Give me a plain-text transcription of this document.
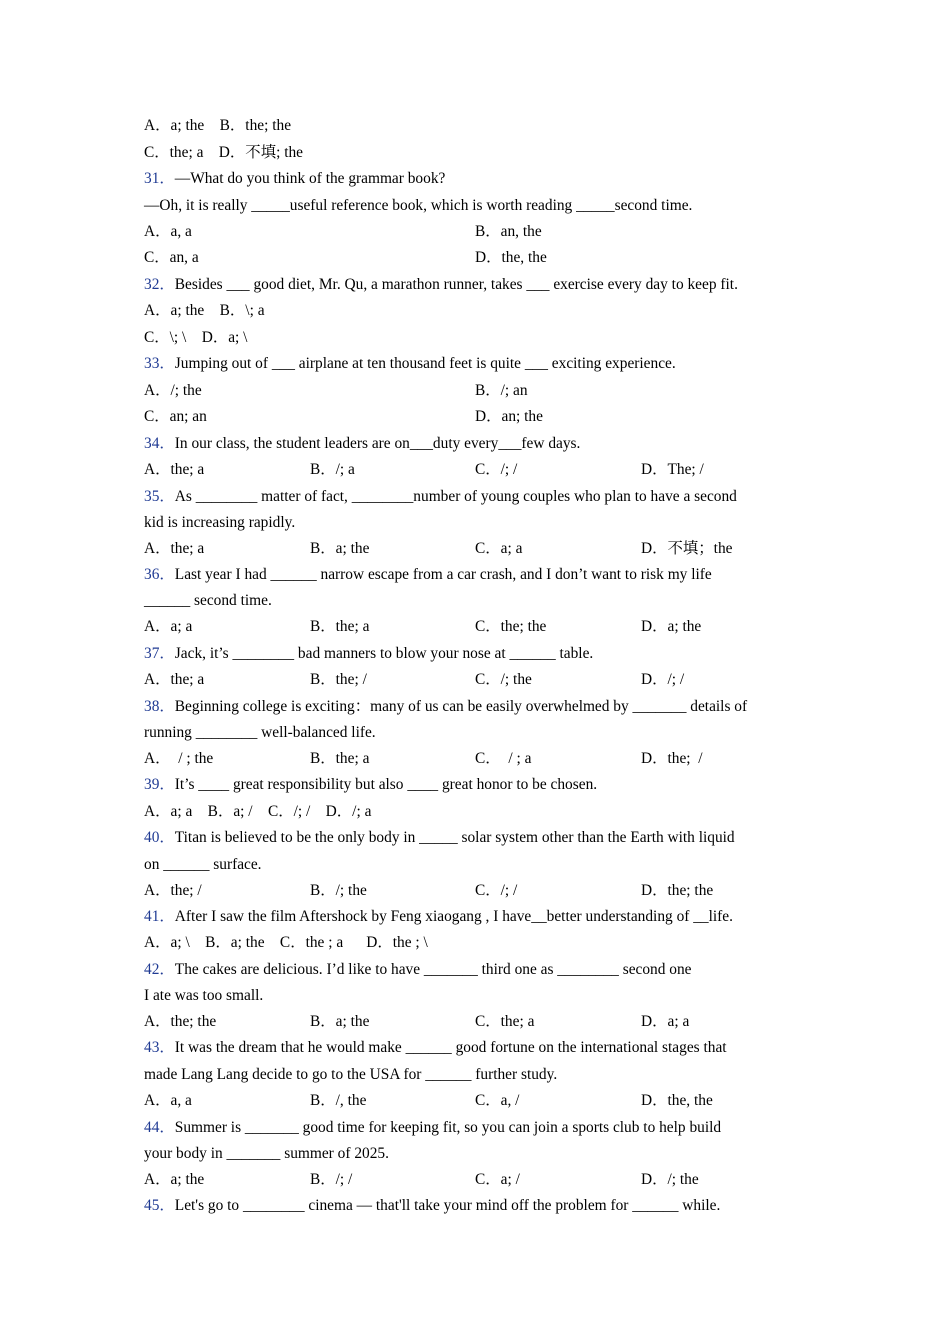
A．a; the    B．the; the
C．the; a    D．不填; the
31．—What do you think of the grammar book?
—Oh, it is really _____useful reference book, which is worth reading _____second time.
A．a, a	B．an, the
C．an, a	D．the, the
32．Besides ___ good diet, Mr. Qu, a marathon runner, takes ___ exercise every day to keep fit.
A．a; the    B．\; a
C．\; \    D．a; \
33．Jumping out of ___ airplane at ten thousand feet is quite ___ exciting experience.
A．/; the	B．/; an
C．an; an	D．an; the
34．In our class, the student leaders are on___duty every___few days.
A．the; a	B．/; a	C．/; /	D．The; /
35．As ________ matter of fact, ________number of young couples who plan to have a second
kid is increasing rapidly.
A．the; a	B．a; the	C．a; a	D．不填；the
36．Last year I had ______ narrow escape from a car crash, and I don’t want to risk my life
______ second time.
A．a; a	B．the; a	C．the; the	D．a; the
37．Jack, it’s ________ bad manners to blow your nose at ______ table.
A．the; a	B．the; /	C．/; the	D．/; /
38．Beginning college is exciting：many of us can be easily overwhelmed by _______ details of
running ________ well-balanced life.
A．  / ; the	B．the; a	C．  / ; a	D．the;  /
39．It’s ____ great responsibility but also ____ great honor to be chosen.
A．a; a    B．a; /    C．/; /    D．/; a
40．Titan is believed to be the only body in _____ solar system other than the Earth with liquid
on ______ surface.
A．the; /	B．/; the	C．/; /	D．the; the
41．After I saw the film Aftershock by Feng xiaogang , I have__better understanding of __life.
A．a; \    B．a; the    C．the ; a      D．the ; \
42．The cakes are delicious. I’d like to have _______ third one as ________ second one
I ate was too small.
A．the; the	B．a; the	C．the; a	D．a; a
43．It was the dream that he would make ______ good fortune on the international stages that
made Lang Lang decide to go to the USA for ______ further study.
A．a, a	B．/, the	C．a, /	D．the, the
44．Summer is _______ good time for keeping fit, so you can join a sports club to help build
your body in _______ summer of 2025.
A．a; the	B．/; /	C．a; /	D．/; the
45．Let's go to ________ cinema — that'll take your mind off the problem for ______ while.
